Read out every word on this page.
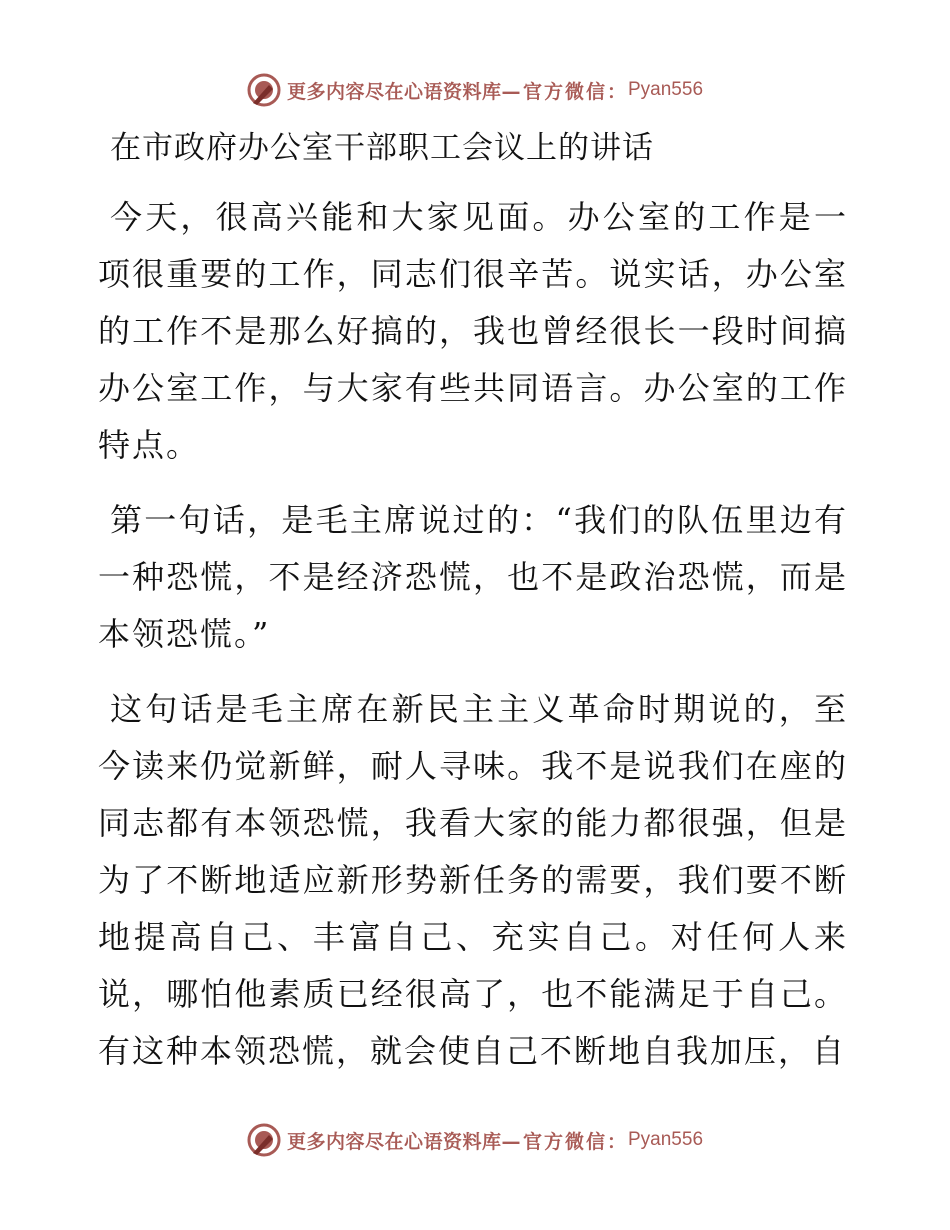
更多内容尽在心语资料库— 官方微信： Pyan556
在市政府办公室干部职工会议上的讲话

今天，很高兴能和大家见面。办公室的工作是一项很重要的工作，同志们很辛苦。说实话，办公室的工作不是那么好搞的，我也曾经很长一段时间搞办公室工作，与大家有些共同语言。办公室的工作特点。

第一句话，是毛主席说过的：“我们的队伍里边有一种恐慌，不是经济恐慌，也不是政治恐慌，而是本领恐慌。”

这句话是毛主席在新民主主义革命时期说的，至今读来仍觉新鲜，耐人寻味。我不是说我们在座的同志都有本领恐慌，我看大家的能力都很强，但是为了不断地适应新形势新任务的需要，我们要不断地提高自己、丰富自己、充实自己。对任何人来说，哪怕他素质已经很高了，也不能满足于自己。有这种本领恐慌，就会使自己不断地自我加压，自

更多内容尽在心语资料库— 官方微信： Pyan556
